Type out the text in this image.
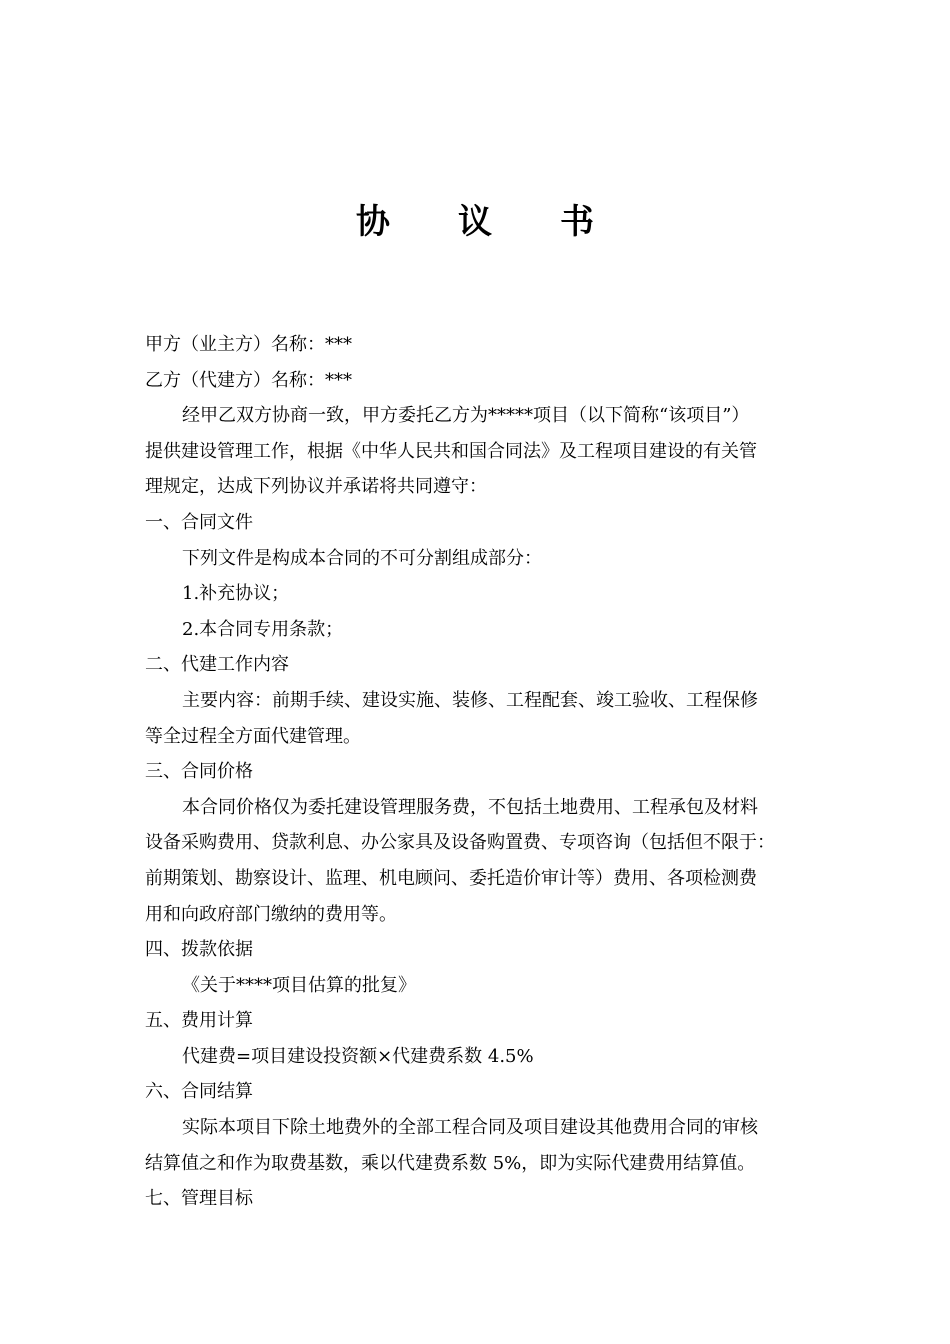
协 议 书
甲方（业主方）名称：***
乙方（代建方）名称：***
经甲乙双方协商一致，甲方委托乙方为*****项目（以下简称“该项目”）
提供建设管理工作，根据《中华人民共和国合同法》及工程项目建设的有关管
理规定，达成下列协议并承诺将共同遵守：
一、合同文件
下列文件是构成本合同的不可分割组成部分：
1.补充协议；
2.本合同专用条款；
二、代建工作内容
主要内容：前期手续、建设实施、装修、工程配套、竣工验收、工程保修
等全过程全方面代建管理。
三、合同价格
本合同价格仅为委托建设管理服务费，不包括土地费用、工程承包及材料
设备采购费用、贷款利息、办公家具及设备购置费、专项咨询（包括但不限于：
前期策划、勘察设计、监理、机电顾问、委托造价审计等）费用、各项检测费
用和向政府部门缴纳的费用等。
四、拨款依据
《关于****项目估算的批复》
五、费用计算
代建费=项目建设投资额×代建费系数 4.5%
六、合同结算
实际本项目下除土地费外的全部工程合同及项目建设其他费用合同的审核
结算值之和作为取费基数，乘以代建费系数 5%，即为实际代建费用结算值。
七、管理目标
